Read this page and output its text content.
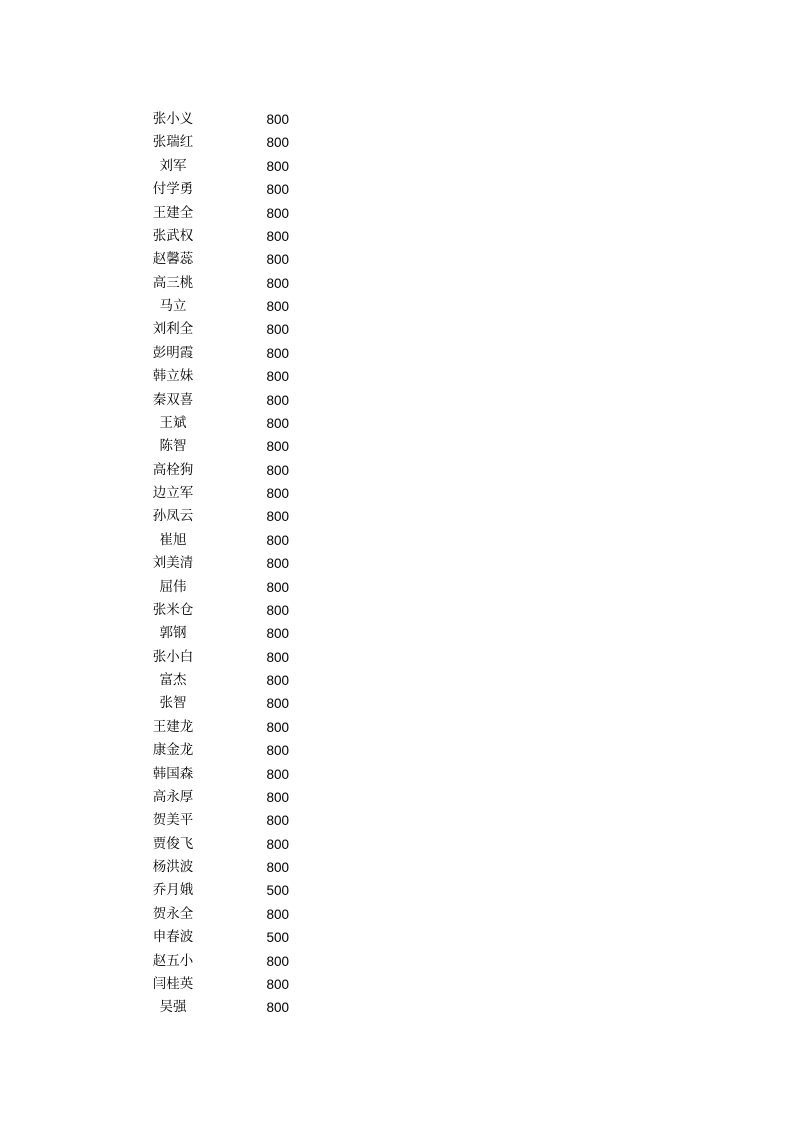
张小义	800
张瑞红	800
刘军	800
付学勇	800
王建全	800
张武权	800
赵馨蕊	800
高三桃	800
马立	800
刘利全	800
彭明霞	800
韩立妹	800
秦双喜	800
王斌	800
陈智	800
高栓狗	800
边立军	800
孙凤云	800
崔旭	800
刘美清	800
屈伟	800
张米仓	800
郭钢	800
张小白	800
富杰	800
张智	800
王建龙	800
康金龙	800
韩国森	800
高永厚	800
贺美平	800
贾俊飞	800
杨洪波	800
乔月娥	500
贺永全	800
申春波	500
赵五小	800
闫桂英	800
吴强	800
